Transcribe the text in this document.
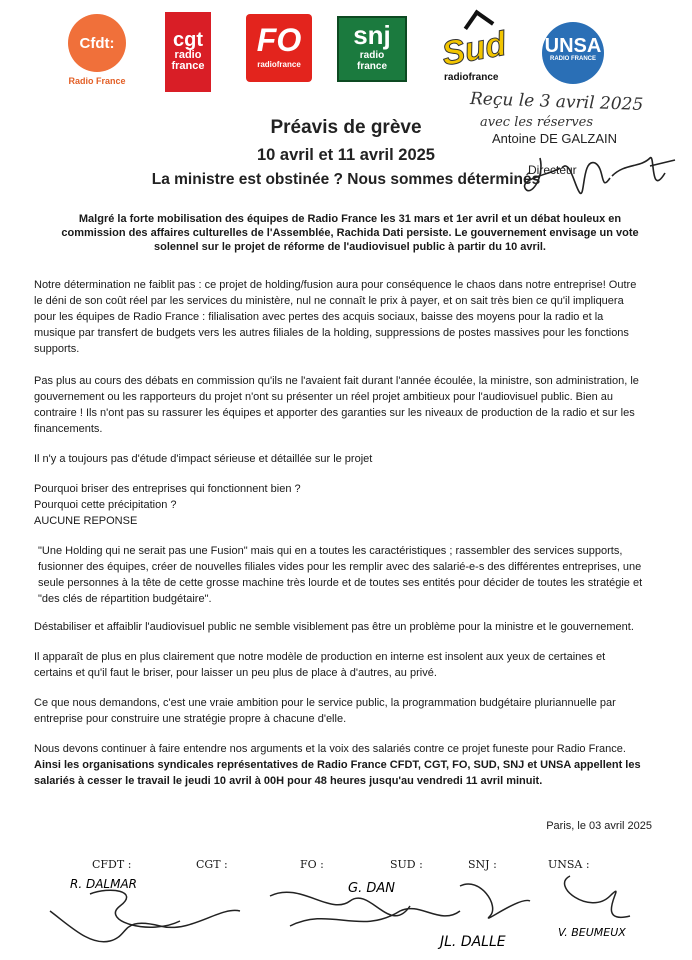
Cfdt:
Radio France
cgt
radio
france
FO
radiofrance
snj
radio
france	Sud
radiofrance
UNSA
RADIO FRANCE
Reçu le 3 avril 2025
avec les réserves
Antoine DE GALZAIN
Directeur
Préavis de grève
10 avril et 11 avril 2025
La ministre est obstinée ? Nous sommes déterminés
Malgré la forte mobilisation des équipes de Radio France les 31 mars et 1er avril et un débat houleux en commission des affaires culturelles de l'Assemblée, Rachida Dati persiste. Le gouvernement envisage un vote solennel sur le projet de réforme de l'audiovisuel public à partir du 10 avril.

Notre détermination ne faiblit pas : ce projet de holding/fusion aura pour conséquence le chaos dans notre entreprise! Outre le déni de son coût réel par les services du ministère, nul ne connaît le prix à payer, et on sait très bien ce qu'il impliquera pour les équipes de Radio France : filialisation avec pertes des acquis sociaux, baisse des moyens pour la radio et la musique par transfert de budgets vers les autres filiales de la holding, suppressions de postes massives pour les fonctions supports.

Pas plus au cours des débats en commission qu'ils ne l'avaient fait durant l'année écoulée, la ministre, son administration, le gouvernement ou les rapporteurs du projet n'ont su présenter un réel projet ambitieux pour l'audiovisuel public. Bien au contraire ! Ils n'ont pas su rassurer les équipes et apporter des garanties sur les niveaux de production de la radio et sur les financements.

Il n'y a toujours pas d'étude d'impact sérieuse et détaillée sur le projet

Pourquoi briser des entreprises qui fonctionnent bien ?
Pourquoi cette précipitation ?
AUCUNE REPONSE

"Une Holding qui ne serait pas une Fusion" mais qui en a toutes les caractéristiques ; rassembler des services supports, fusionner des équipes, créer de nouvelles filiales vides pour les remplir avec des salarié-e-s des différentes entreprises, une seule personnes à la tête de cette grosse machine très lourde et de toutes ses entités pour décider de toutes les stratégie et "des clés de répartition budgétaire".

Déstabiliser et affaiblir l'audiovisuel public ne semble visiblement pas être un problème pour la ministre et le gouvernement.

Il apparaît de plus en plus clairement que notre modèle de production en interne est insolent aux yeux de certaines et certains et qu'il faut le briser, pour laisser un peu plus de place à d'autres, au privé.

Ce que nous demandons, c'est une vraie ambition pour le service public, la programmation budgétaire pluriannuelle par entreprise pour construire une stratégie propre à chacune d'elle.

Nous devons continuer à faire entendre nos arguments et la voix des salariés contre ce projet funeste pour Radio France.

Ainsi les organisations syndicales représentatives de Radio France CFDT, CGT, FO, SUD, SNJ et UNSA appellent les salariés à cesser le travail le jeudi 10 avril à 00H pour 48 heures jusqu'au vendredi 11 avril minuit.

Paris, le 03 avril 2025
CFDT :	CGT :	FO :	SUD :	SNJ :	UNSA :
R. DALMAR	G. DAN
JL. DALLE
V. BEUMEUX
